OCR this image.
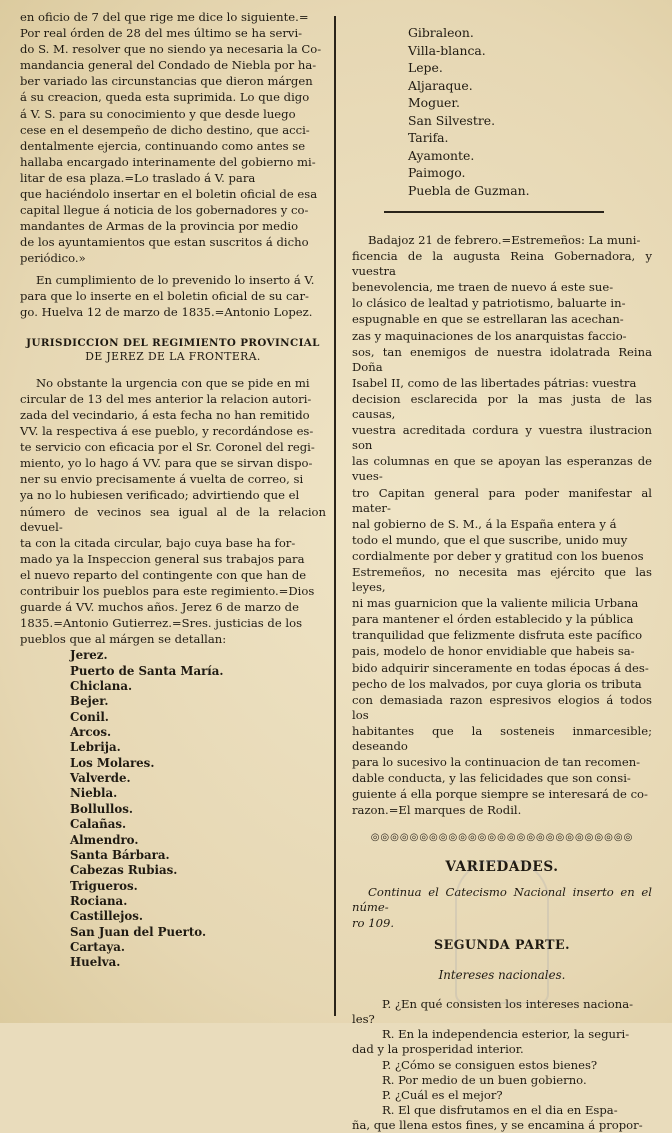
en oficio de 7 del que rige me dice lo siguiente.=
Por real órden de 28 del mes último se ha servi-
do S. M. resolver que no siendo ya necesaria la Co-
mandancia general del Condado de Niebla por ha-
ber variado las circunstancias que dieron márgen
á su creacion, queda esta suprimida. Lo que digo
á V. S. para su conocimiento y que desde luego
cese en el desempeño de dicho destino, que acci-
dentalmente ejercia, continuando como antes se
hallaba encargado interinamente del gobierno mi-
litar de esa plaza.=Lo traslado á V. para
que haciéndolo insertar en el boletin oficial de esa
capital llegue á noticia de los gobernadores y co-
mandantes de Armas de la provincia por medio
de los ayuntamientos que estan suscritos á dicho
periódico.»
En cumplimiento de lo prevenido lo inserto á V.
para que lo inserte en el boletin oficial de su car-
go. Huelva 12 de marzo de 1835.=Antonio Lopez.
JURISDICCION DEL REGIMIENTO PROVINCIAL
DE JEREZ DE LA FRONTERA.
No obstante la urgencia con que se pide en mi
circular de 13 del mes anterior la relacion autori-
zada del vecindario, á esta fecha no han remitido
VV. la respectiva á ese pueblo, y recordándose es-
te servicio con eficacia por el Sr. Coronel del regi-
miento, yo lo hago á VV. para que se sirvan dispo-
ner su envio precisamente á vuelta de correo, si
ya no lo hubiesen verificado; advirtiendo que el
número de vecinos sea igual al de la relacion devuel-
ta con la citada circular, bajo cuya base ha for-
mado ya la Inspeccion general sus trabajos para
el nuevo reparto del contingente con que han de
contribuir los pueblos para este regimiento.=Dios
guarde á VV. muchos años. Jerez 6 de marzo de
1835.=Antonio Gutierrez.=Sres. justicias de los
pueblos que al márgen se detallan:
Jerez.
Puerto de Santa María.
Chiclana.
Bejer.
Conil.
Arcos.
Lebrija.
Los Molares.
Valverde.
Niebla.
Bollullos.
Calañas.
Almendro.
Santa Bárbara.
Cabezas Rubias.
Trigueros.
Rociana.
Castillejos.
San Juan del Puerto.
Cartaya.
Huelva.
Gibraleon.
Villa-blanca.
Lepe.
Aljaraque.
Moguer.
San Silvestre.
Tarifa.
Ayamonte.
Paimogo.
Puebla de Guzman.
Badajoz 21 de febrero.=Estremeños: La muni-
ficencia de la augusta Reina Gobernadora, y vuestra
benevolencia, me traen de nuevo á este sue-
lo clásico de lealtad y patriotismo, baluarte in-
espugnable en que se estrellaran las acechan-
zas y maquinaciones de los anarquistas faccio-
sos, tan enemigos de nuestra idolatrada Reina Doña
Isabel II, como de las libertades pátrias: vuestra
decision esclarecida por la mas justa de las causas,
vuestra acreditada cordura y vuestra ilustracion son
las columnas en que se apoyan las esperanzas de vues-
tro Capitan general para poder manifestar al mater-
nal gobierno de S. M., á la España entera y á
todo el mundo, que el que suscribe, unido muy
cordialmente por deber y gratitud con los buenos
Estremeños, no necesita mas ejército que las leyes,
ni mas guarnicion que la valiente milicia Urbana
para mantener el órden establecido y la pública
tranquilidad que felizmente disfruta este pacífico
pais, modelo de honor envidiable que habeis sa-
bido adquirir sinceramente en todas épocas á des-
pecho de los malvados, por cuya gloria os tributa
con demasiada razon espresivos elogios á todos los
habitantes que la sosteneis inmarcesible; deseando
para lo sucesivo la continuacion de tan recomen-
dable conducta, y las felicidades que son consi-
guiente á ella porque siempre se interesará de co-
razon.=El marques de Rodil.
◎◎◎◎◎◎◎◎◎◎◎◎◎◎◎◎◎◎◎◎◎◎◎◎◎◎◎
VARIEDADES.
Continua el Catecismo Nacional inserto en el núme-
ro 109.
SEGUNDA PARTE.
Intereses nacionales.
P. ¿En qué consisten los intereses naciona-
les?
R. En la independencia esterior, la seguri-
dad y la prosperidad interior.
P. ¿Cómo se consiguen estos bienes?
R. Por medio de un buen gobierno.
P. ¿Cuál es el mejor?
R. El que disfrutamos en el dia en Espa-
ña, que llena estos fines, y se encamina á propor-
